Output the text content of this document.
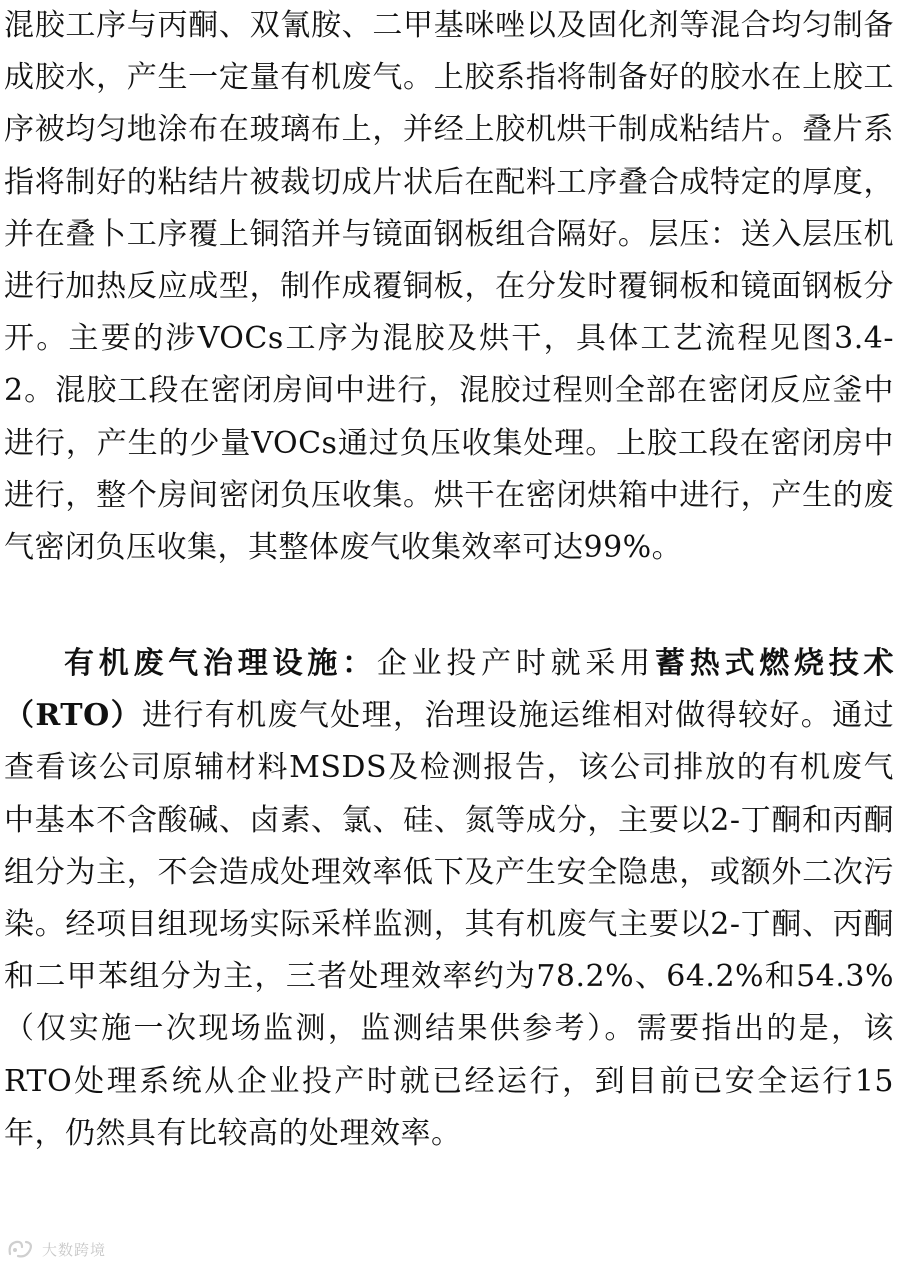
混胶工序与丙酮、双氰胺、二甲基咪唑以及固化剂等混合均匀制备成胶水，产生一定量有机废气。上胶系指将制备好的胶水在上胶工序被均匀地涂布在玻璃布上，并经上胶机烘干制成粘结片。叠片系指将制好的粘结片被裁切成片状后在配料工序叠合成特定的厚度，并在叠卜工序覆上铜箔并与镜面钢板组合隔好。层压：送入层压机进行加热反应成型，制作成覆铜板，在分发时覆铜板和镜面钢板分开。主要的涉VOCs工序为混胶及烘干，具体工艺流程见图3.4-2。混胶工段在密闭房间中进行，混胶过程则全部在密闭反应釜中进行，产生的少量VOCs通过负压收集处理。上胶工段在密闭房中进行，整个房间密闭负压收集。烘干在密闭烘箱中进行，产生的废气密闭负压收集，其整体废气收集效率可达99%。

有机废气治理设施：企业投产时就采用蓄热式燃烧技术（RTO）进行有机废气处理，治理设施运维相对做得较好。通过查看该公司原辅材料MSDS及检测报告，该公司排放的有机废气中基本不含酸碱、卤素、氯、硅、氮等成分，主要以2-丁酮和丙酮组分为主，不会造成处理效率低下及产生安全隐患，或额外二次污染。经项目组现场实际采样监测，其有机废气主要以2-丁酮、丙酮和二甲苯组分为主，三者处理效率约为78.2%、64.2%和54.3%（仅实施一次现场监测，监测结果供参考）。需要指出的是，该RTO处理系统从企业投产时就已经运行，到目前已安全运行15年，仍然具有比较高的处理效率。

大数跨境
